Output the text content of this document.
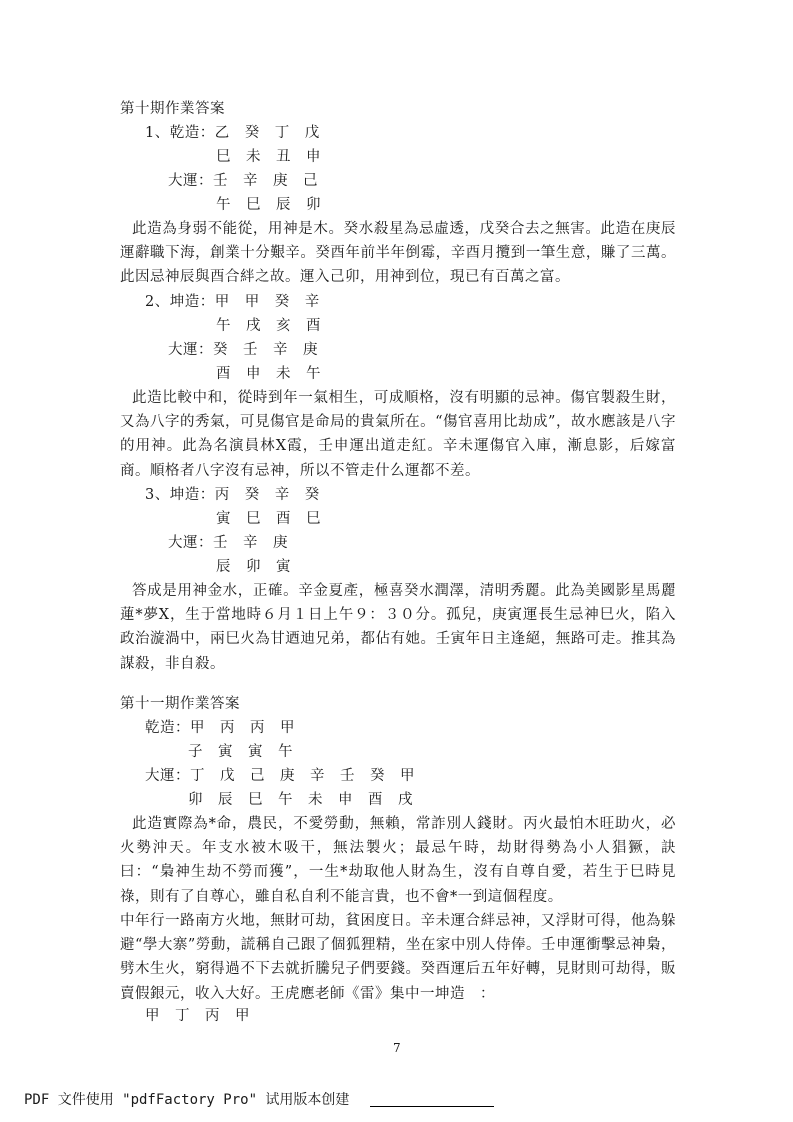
第十期作業答案
1、乾造：乙　癸　丁　戊
巳　未　丑　申
大運：壬　辛　庚　己
午　巳　辰　卯
此造為身弱不能從，用神是木。癸水殺星為忌虛透，戊癸合去之無害。此造在庚辰運辭職下海，創業十分艱辛。癸酉年前半年倒霉，辛酉月攬到一筆生意，賺了三萬。此因忌神辰與酉合絆之故。運入己卯，用神到位，現已有百萬之富。
2、坤造：甲　甲　癸　辛
午　戌　亥　酉
大運：癸　壬　辛　庚
酉　申　未　午
此造比較中和，從時到年一氣相生，可成順格，沒有明顯的忌神。傷官製殺生財，又為八字的秀氣，可見傷官是命局的貴氣所在。“傷官喜用比劫成”，故水應該是八字的用神。此為名演員林X霞，壬申運出道走紅。辛未運傷官入庫，漸息影，后嫁富商。順格者八字沒有忌神，所以不管走什么運都不差。
3、坤造：丙　癸　辛　癸
寅　巳　酉　巳
大運：壬　辛　庚
辰　卯　寅
答成是用神金水，正確。辛金夏產，極喜癸水潤澤，清明秀麗。此為美國影星馬麗蓮*夢X，生于當地時６月１日上午９：３０分。孤兒，庚寅運長生忌神巳火，陷入政治漩渦中，兩巳火為甘迺迪兄弟，都佔有她。壬寅年日主逢絕，無路可走。推其為謀殺，非自殺。
第十一期作業答案
乾造：甲　丙　丙　甲
子　寅　寅　午
大運：丁　戊　己　庚　辛　壬　癸　甲
卯　辰　巳　午　未　申　酉　戌
此造實際為*命，農民，不愛勞動，無賴，常詐別人錢財。丙火最怕木旺助火，必火勢沖天。年支水被木吸干，無法製火；最忌午時，劫財得勢為小人猖獗，訣曰：“梟神生劫不勞而獲”，一生*劫取他人財為生，沒有自尊自愛，若生于巳時見祿，則有了自尊心，雖自私自利不能言貴，也不會*一到這個程度。
中年行一路南方火地，無財可劫，貧困度日。辛未運合絆忌神，又浮財可得，他為躲避“學大寨”勞動，謊稱自己跟了個狐狸精，坐在家中別人侍俸。壬申運衝擊忌神梟，劈木生火，窮得過不下去就折騰兒子們要錢。癸酉運后五年好轉，見財則可劫得，販賣假銀元，收入大好。王虎應老師《雷》集中一坤造　：
甲　丁　丙　甲
7
PDF 文件使用 "pdfFactory Pro" 试用版本创建
